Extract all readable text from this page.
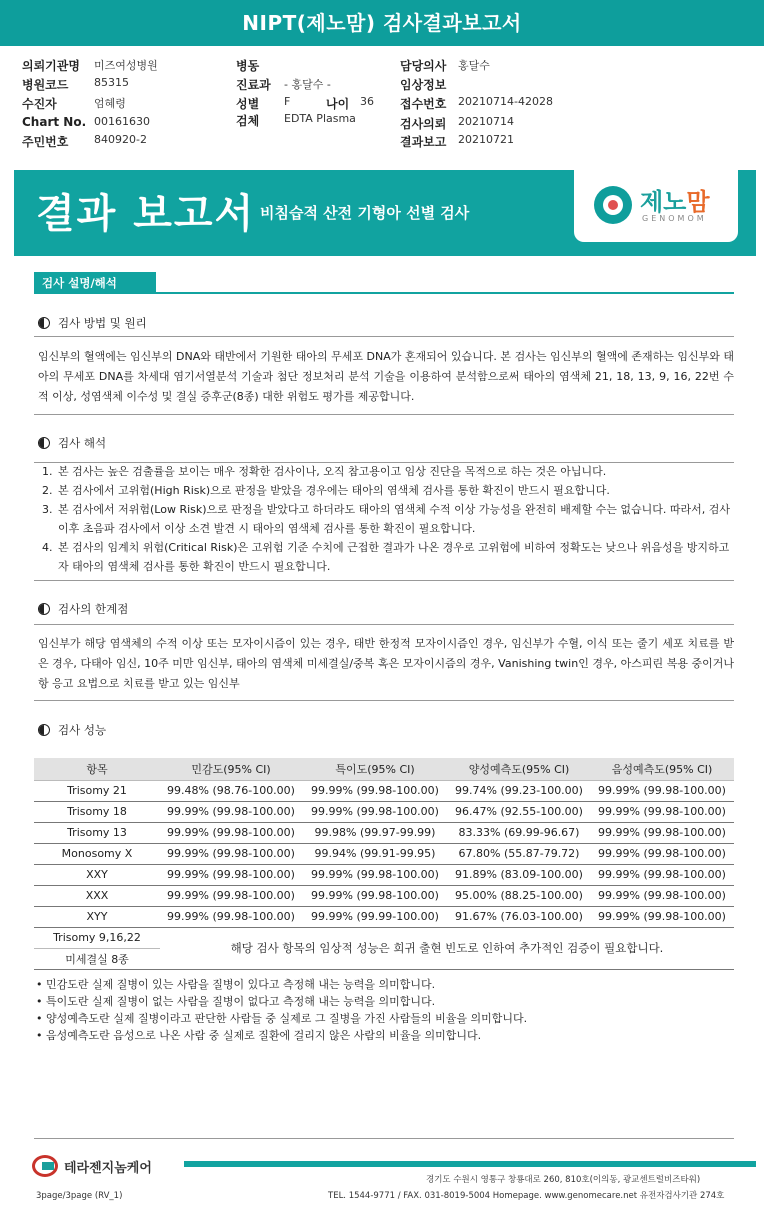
NIPT(제노맘) 검사결과보고서
의뢰기관명 미즈여성병원	병동	담당의사 홍달수
병원코드 85315	진료과 - 홍달수 -	임상정보
수진자	엄혜령	성별 F	나이 36 접수번호 20210714-42028
Chart No. 00161630	검체 EDTA Plasma	검사의뢰 20210714
주민번호 840920-2	결과보고 20210721
결과 보고서 비침습적 산전 기형아 선별 검사	제노맘
GENOMOM
검사 설명/해석
검사 방법 및 원리
임신부의 혈액에는 임신부의 DNA와 태반에서 기원한 태아의 무세포 DNA가 혼재되어 있습니다. 본 검사는 임신부의 혈액에 존재하는 임신부와 태아의 무세포 DNA를 차세대 염기서열분석 기술과 첨단 정보처리 분석 기술을 이용하여 분석함으로써 태아의 염색체 21, 18, 13, 9, 16, 22번 수적 이상, 성염색체 이수성 및 결실 증후군(8종) 대한 위험도 평가를 제공합니다.
검사 해석
1. 본 검사는 높은 검출률을 보이는 매우 정확한 검사이나, 오직 참고용이고 임상 진단을 목적으로 하는 것은 아닙니다.
2. 본 검사에서 고위험(High Risk)으로 판정을 받았을 경우에는 태아의 염색체 검사를 통한 확진이 반드시 필요합니다.
3. 본 검사에서 저위험(Low Risk)으로 판정을 받았다고 하더라도 태아의 염색체 수적 이상 가능성을 완전히 배제할 수는 없습니다. 따라서, 검사 이후 초음파 검사에서 이상 소견 발견 시 태아의 염색체 검사를 통한 확진이 필요합니다.
4. 본 검사의 임계치 위험(Critical Risk)은 고위험 기준 수치에 근접한 결과가 나온 경우로 고위험에 비하여 정확도는 낮으나 위음성을 방지하고자 태아의 염색체 검사를 통한 확진이 반드시 필요합니다.
검사의 한계점
임신부가 해당 염색체의 수적 이상 또는 모자이시즘이 있는 경우, 태반 한정적 모자이시즘인 경우, 임신부가 수혈, 이식 또는 줄기 세포 치료를 받은 경우, 다태아 임신, 10주 미만 임신부, 태아의 염색체 미세결실/중복 혹은 모자이시즘의 경우, Vanishing twin인 경우, 아스피린 복용 중이거나 항 응고 요법으로 치료를 받고 있는 임신부
검사 성능
항목	민감도(95% CI)	특이도(95% CI)	양성예측도(95% CI)	음성예측도(95% CI)
Trisomy 21	99.48% (98.76-100.00)	99.99% (99.98-100.00)	99.74% (99.23-100.00)	99.99% (99.98-100.00)
Trisomy 18	99.99% (99.98-100.00)	99.99% (99.98-100.00)	96.47% (92.55-100.00)	99.99% (99.98-100.00)
Trisomy 13	99.99% (99.98-100.00)	99.98% (99.97-99.99)	83.33% (69.99-96.67)	99.99% (99.98-100.00)
Monosomy X	99.99% (99.98-100.00)	99.94% (99.91-99.95)	67.80% (55.87-79.72)	99.99% (99.98-100.00)
XXY	99.99% (99.98-100.00)	99.99% (99.98-100.00)	91.89% (83.09-100.00)	99.99% (99.98-100.00)
XXX	99.99% (99.98-100.00)	99.99% (99.98-100.00)	95.00% (88.25-100.00)	99.99% (99.98-100.00)
XYY	99.99% (99.98-100.00)	99.99% (99.99-100.00)	91.67% (76.03-100.00)	99.99% (99.98-100.00)
Trisomy 9,16,22	해당 검사 항목의 임상적 성능은 희귀 출현 빈도로 인하여 추가적인 검증이 필요합니다.			
미세결실 8종				
• 민감도란 실제 질병이 있는 사람을 질병이 있다고 측정해 내는 능력을 의미합니다.
• 특이도란 실제 질병이 없는 사람을 질병이 없다고 측정해 내는 능력을 의미합니다.
• 양성예측도란 실제 질병이라고 판단한 사람들 중 실제로 그 질병을 가진 사람들의 비율을 의미합니다.
• 음성예측도란 음성으로 나온 사람 중 실제로 질환에 걸리지 않은 사람의 비율을 의미합니다.
테라젠지놈케어
경기도 수원시 영통구 창룡대로 260, 810호(이의동, 광교센트럴비즈타워)
TEL. 1544-9771 / FAX. 031-8019-5004 Homepage. www.genomecare.net 유전자검사기관 274호
3page/3page (RV_1)
